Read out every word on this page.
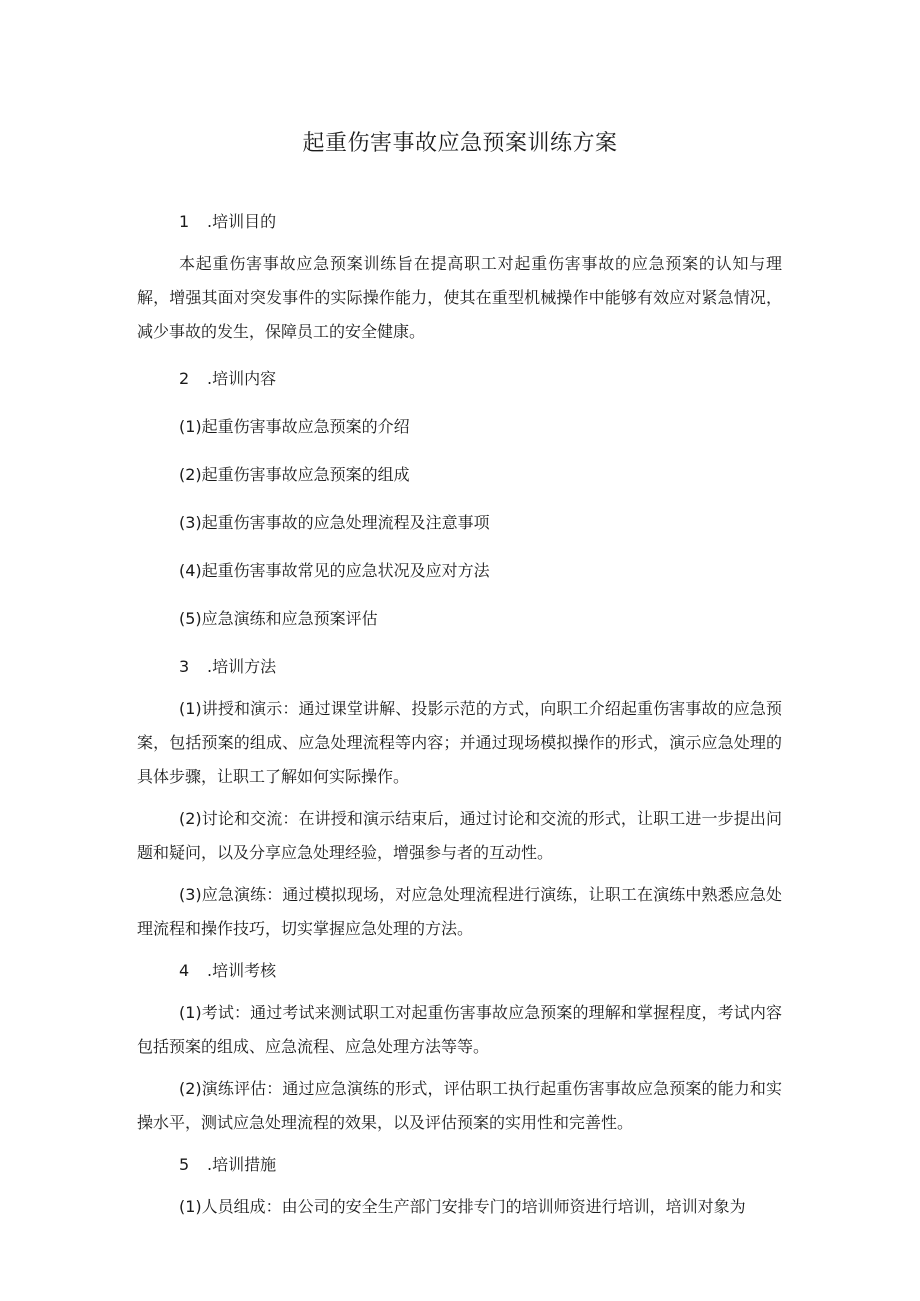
起重伤害事故应急预案训练方案

1 .培训目的

本起重伤害事故应急预案训练旨在提高职工对起重伤害事故的应急预案的认知与理解，增强其面对突发事件的实际操作能力，使其在重型机械操作中能够有效应对紧急情况，减少事故的发生，保障员工的安全健康。

2 .培训内容

(1)起重伤害事故应急预案的介绍

(2)起重伤害事故应急预案的组成

(3)起重伤害事故的应急处理流程及注意事项

(4)起重伤害事故常见的应急状况及应对方法

(5)应急演练和应急预案评估

3 .培训方法

(1)讲授和演示：通过课堂讲解、投影示范的方式，向职工介绍起重伤害事故的应急预案，包括预案的组成、应急处理流程等内容；并通过现场模拟操作的形式，演示应急处理的具体步骤，让职工了解如何实际操作。

(2)讨论和交流：在讲授和演示结束后，通过讨论和交流的形式，让职工进一步提出问题和疑问，以及分享应急处理经验，增强参与者的互动性。

(3)应急演练：通过模拟现场，对应急处理流程进行演练，让职工在演练中熟悉应急处理流程和操作技巧，切实掌握应急处理的方法。

4 .培训考核

(1)考试：通过考试来测试职工对起重伤害事故应急预案的理解和掌握程度，考试内容包括预案的组成、应急流程、应急处理方法等等。

(2)演练评估：通过应急演练的形式，评估职工执行起重伤害事故应急预案的能力和实操水平，测试应急处理流程的效果，以及评估预案的实用性和完善性。

5 .培训措施

(1)人员组成：由公司的安全生产部门安排专门的培训师资进行培训，培训对象为
